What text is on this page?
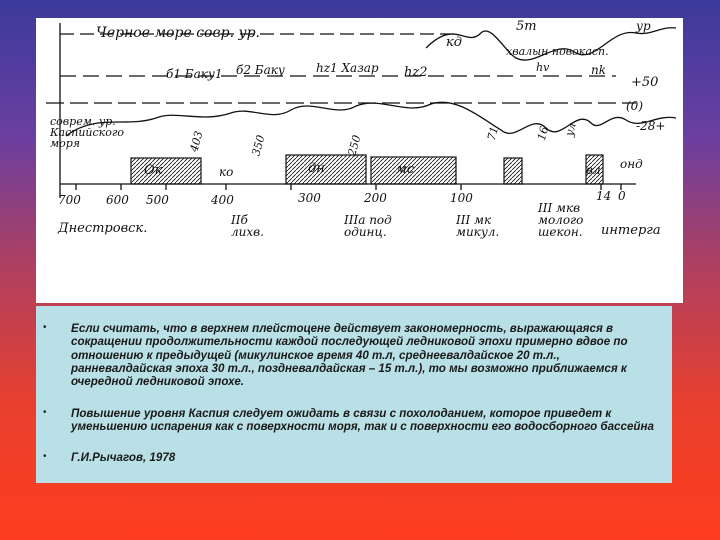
Черное море совр. ур.
кд
5т	ур
б1 Баку1 б2 Баку	hz1 Хазар hz2
хвалын новокасп.
hv	nk
+50
(0)
-28+
соврем. ур. Каспийского моря
Ок	ко	дн	мс	вл онд
700 600 500	400	300	200	100	14 0
Днестровск.
IIб лихв.
IIIa под одинц.
III мк микул.
III мкв молого шекон.	интерга
403	350	250
71	16 ул
• Если считать, что в верхнем плейстоцене действует закономерность, выражающаяся в сокращении продолжительности каждой последующей ледниковой эпохи примерно вдвое по отношению к предыдущей (микулинское время 40 т.л, среднеевалдайское 20 т.л., ранневалдайская эпоха 30 т.л., поздневалдайская – 15 т.л.), то мы возможно приближаемся к очередной ледниковой эпохе.
• Повышение уровня Каспия следует ожидать в связи с похолоданием, которое приведет к уменьшению испарения как с поверхности моря, так и с поверхности его водосборного бассейна
• Г.И.Рычагов, 1978
